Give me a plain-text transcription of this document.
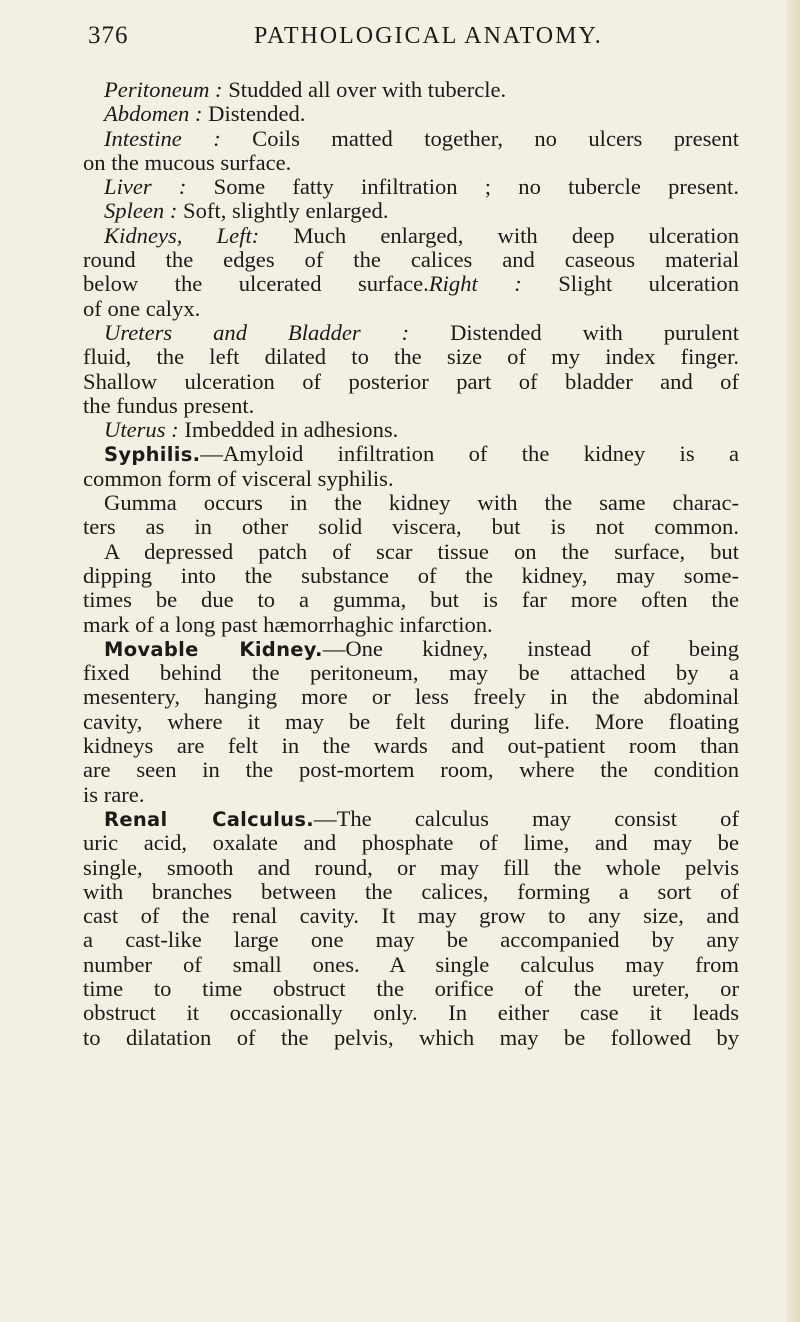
376	PATHOLOGICAL ANATOMY.
Peritoneum : Studded all over with tubercle.
Abdomen : Distended.
Intestine : Coils matted together, no ulcers present
on the mucous surface.
Liver : Some fatty infiltration ; no tubercle present.
Spleen : Soft, slightly enlarged.
Kidneys, Left: Much enlarged, with deep ulceration
round the edges of the calices and caseous material
below the ulcerated surface.Right : Slight ulceration
of one calyx.
Ureters and Bladder : Distended with purulent
fluid, the left dilated to the size of my index finger.
Shallow ulceration of posterior part of bladder and of
the fundus present.
Uterus : Imbedded in adhesions.
Syphilis.—Amyloid infiltration of the kidney is a
common form of visceral syphilis.
Gumma occurs in the kidney with the same charac-
ters as in other solid viscera, but is not common.
A depressed patch of scar tissue on the surface, but
dipping into the substance of the kidney, may some-
times be due to a gumma, but is far more often the
mark of a long past hæmorrhaghic infarction.
Movable Kidney.—One kidney, instead of being
fixed behind the peritoneum, may be attached by a
mesentery, hanging more or less freely in the abdominal
cavity, where it may be felt during life. More floating
kidneys are felt in the wards and out-patient room than
are seen in the post-mortem room, where the condition
is rare.
Renal Calculus.—The calculus may consist of
uric acid, oxalate and phosphate of lime, and may be
single, smooth and round, or may fill the whole pelvis
with branches between the calices, forming a sort of
cast of the renal cavity. It may grow to any size, and
a cast-like large one may be accompanied by any
number of small ones. A single calculus may from
time to time obstruct the orifice of the ureter, or
obstruct it occasionally only. In either case it leads
to dilatation of the pelvis, which may be followed by
